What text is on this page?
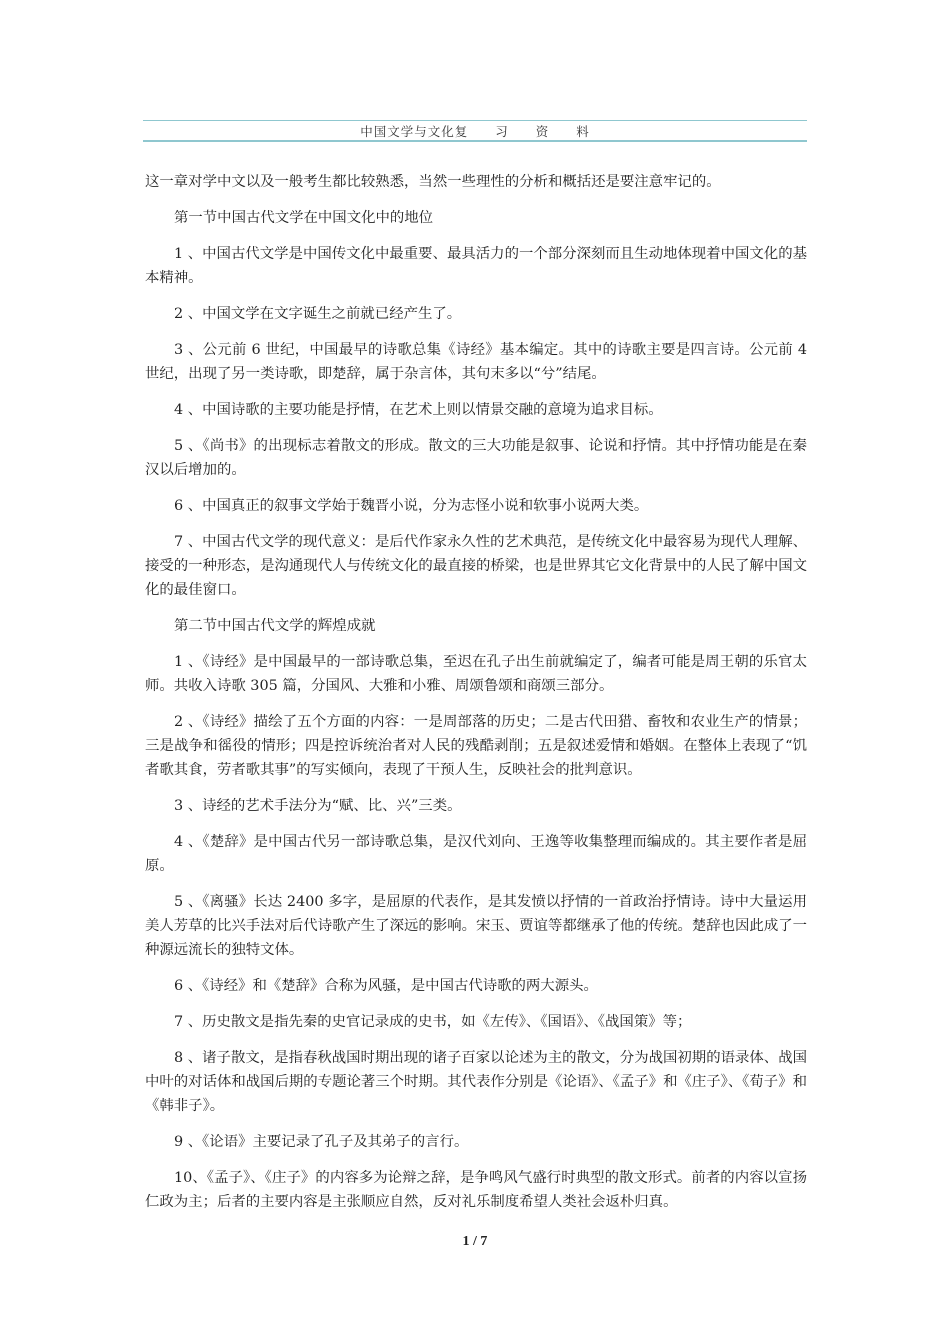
中国文学与文化复　　习　　资　　料

这一章对学中文以及一般考生都比较熟悉，当然一些理性的分析和概括还是要注意牢记的。

第一节中国古代文学在中国文化中的地位

1 、中国古代文学是中国传文化中最重要、最具活力的一个部分深刻而且生动地体现着中国文化的基本精神。

2 、中国文学在文字诞生之前就已经产生了。

3 、公元前 6 世纪，中国最早的诗歌总集《诗经》基本编定。其中的诗歌主要是四言诗。公元前 4 世纪，出现了另一类诗歌，即楚辞，属于杂言体，其句末多以“兮”结尾。

4 、中国诗歌的主要功能是抒情，在艺术上则以情景交融的意境为追求目标。

5 、《尚书》的出现标志着散文的形成。散文的三大功能是叙事、论说和抒情。其中抒情功能是在秦汉以后增加的。

6 、中国真正的叙事文学始于魏晋小说，分为志怪小说和软事小说两大类。

7 、中国古代文学的现代意义：是后代作家永久性的艺术典范，是传统文化中最容易为现代人理解、接受的一种形态，是沟通现代人与传统文化的最直接的桥梁，也是世界其它文化背景中的人民了解中国文化的最佳窗口。

第二节中国古代文学的辉煌成就

1 、《诗经》是中国最早的一部诗歌总集，至迟在孔子出生前就编定了，编者可能是周王朝的乐官太师。共收入诗歌 305 篇，分国风、大雅和小雅、周颂鲁颂和商颂三部分。

2 、《诗经》描绘了五个方面的内容：一是周部落的历史；二是古代田猎、畜牧和农业生产的情景；三是战争和徭役的情形；四是控诉统治者对人民的残酷剥削；五是叙述爱情和婚姻。在整体上表现了“饥者歌其食，劳者歌其事”的写实倾向，表现了干预人生，反映社会的批判意识。

3 、诗经的艺术手法分为“赋、比、兴”三类。

4 、《楚辞》是中国古代另一部诗歌总集，是汉代刘向、王逸等收集整理而编成的。其主要作者是屈原。

5 、《离骚》长达 2400 多字，是屈原的代表作，是其发愤以抒情的一首政治抒情诗。诗中大量运用美人芳草的比兴手法对后代诗歌产生了深远的影响。宋玉、贾谊等都继承了他的传统。楚辞也因此成了一种源远流长的独特文体。

6 、《诗经》和《楚辞》合称为风骚，是中国古代诗歌的两大源头。

7 、历史散文是指先秦的史官记录成的史书，如《左传》、《国语》、《战国策》等；

8 、诸子散文，是指春秋战国时期出现的诸子百家以论述为主的散文，分为战国初期的语录体、战国中叶的对话体和战国后期的专题论著三个时期。其代表作分别是《论语》、《孟子》和《庄子》、《荀子》和《韩非子》。

9 、《论语》主要记录了孔子及其弟子的言行。

10、《孟子》、《庄子》的内容多为论辩之辞，是争鸣风气盛行时典型的散文形式。前者的内容以宣扬仁政为主；后者的主要内容是主张顺应自然，反对礼乐制度希望人类社会返朴归真。

1 / 7
